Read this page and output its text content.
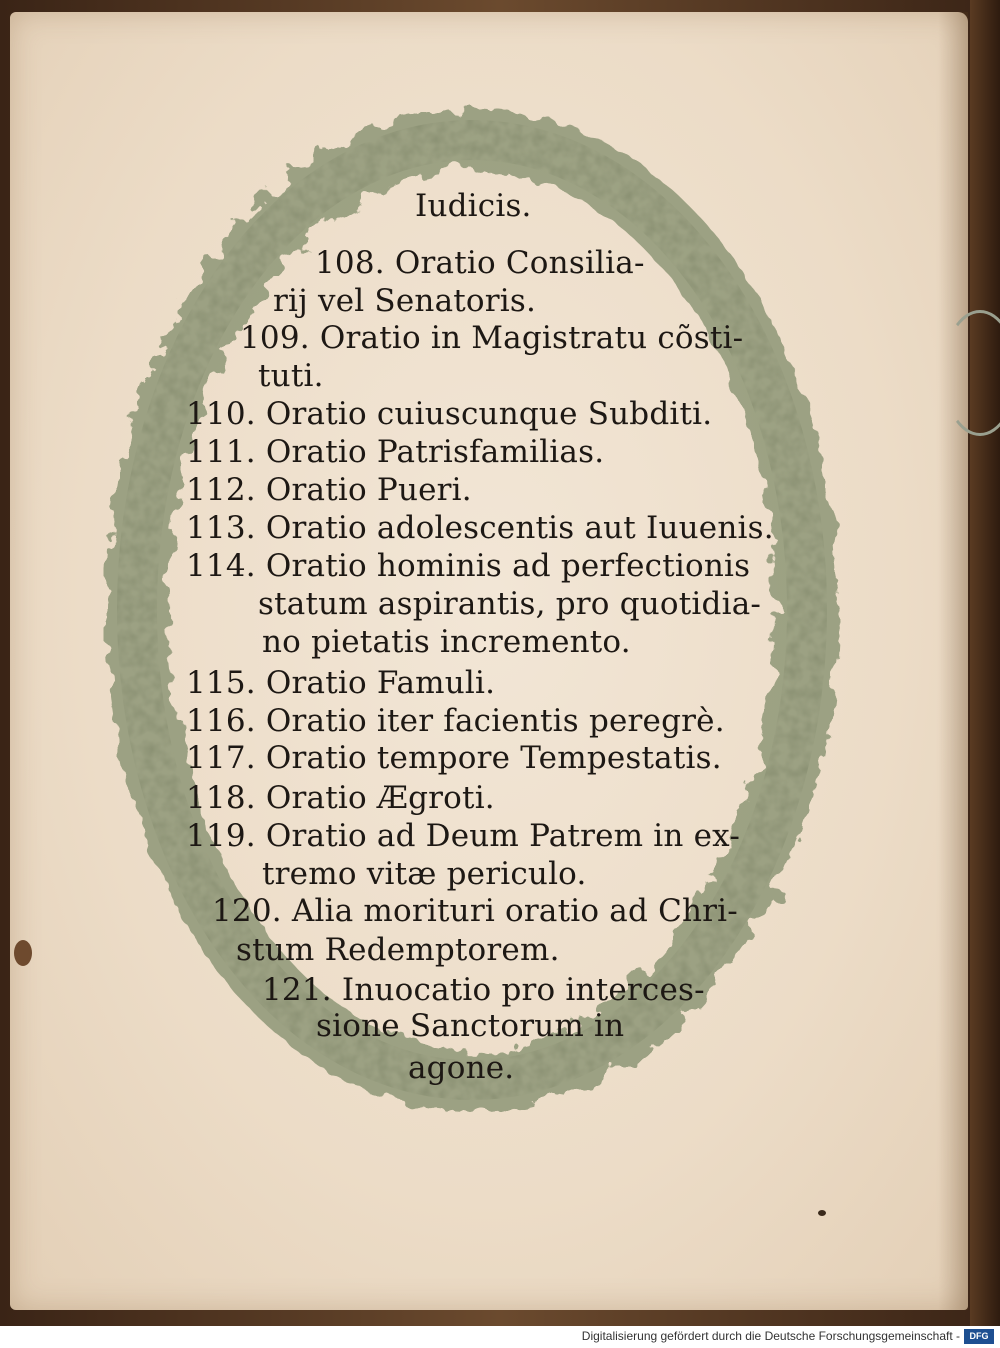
Iudicis.
108. Oratio Consilia-
rij vel Senatoris.
109. Oratio in Magistratu cõsti-
tuti.
110. Oratio cuiuscunque Subditi.
111. Oratio Patrisfamilias.
112. Oratio Pueri.
113. Oratio adolescentis aut Iuuenis.
114. Oratio hominis ad perfectionis
statum aspirantis, pro quotidia-
no pietatis incremento.
115. Oratio Famuli.
116. Oratio iter facientis peregrè.
117. Oratio tempore Tempestatis.
118. Oratio Ægroti.
119. Oratio ad Deum Patrem in ex-
tremo vitæ periculo.
120. Alia morituri oratio ad Chri-
stum Redemptorem.
121. Inuocatio pro interces-
sione Sanctorum in
agone.
Digitalisierung gefördert durch die Deutsche Forschungsgemeinschaft -	DFG
